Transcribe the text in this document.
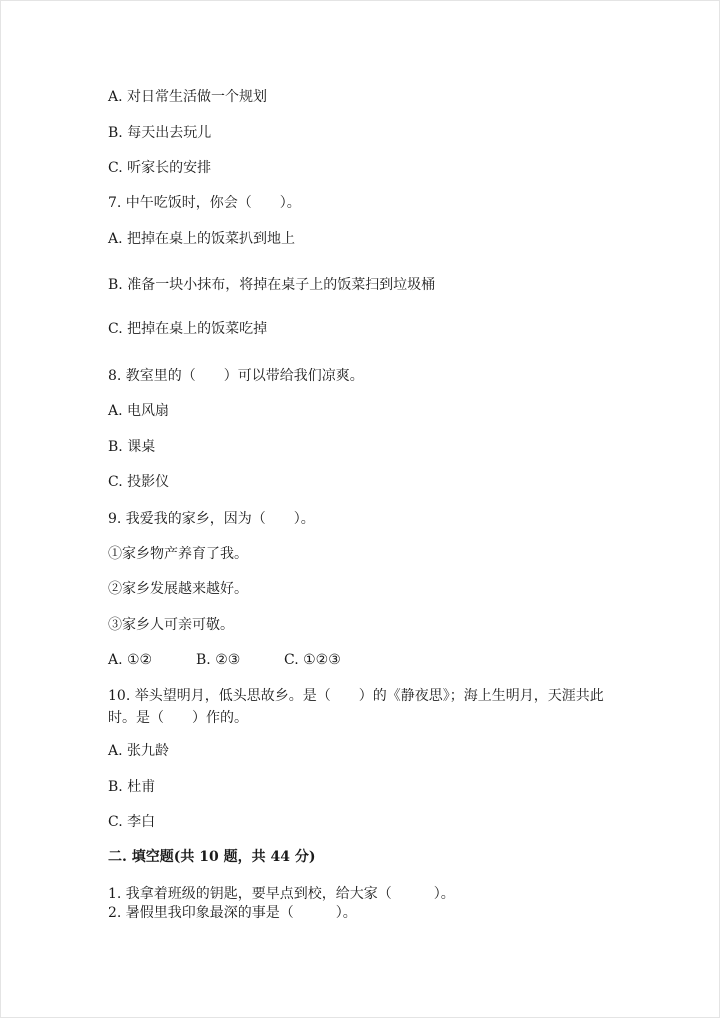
A. 对日常生活做一个规划
B. 每天出去玩儿
C. 听家长的安排
7. 中午吃饭时，你会（　　）。
A. 把掉在桌上的饭菜扒到地上
B. 准备一块小抹布，将掉在桌子上的饭菜扫到垃圾桶
C. 把掉在桌上的饭菜吃掉
8. 教室里的（　　）可以带给我们凉爽。
A. 电风扇
B. 课桌
C. 投影仪
9. 我爱我的家乡，因为（　　）。
①家乡物产养育了我。
②家乡发展越来越好。
③家乡人可亲可敬。
A. ①②	B. ②③	C. ①②③
10. 举头望明月，低头思故乡。是（　　）的《静夜思》；海上生明月，天涯共此时。是（　　）作的。
A. 张九龄
B. 杜甫
C. 李白
二. 填空题(共 10 题，共 44 分)
1. 我拿着班级的钥匙，要早点到校，给大家（　　　）。
2. 暑假里我印象最深的事是（　　　）。
